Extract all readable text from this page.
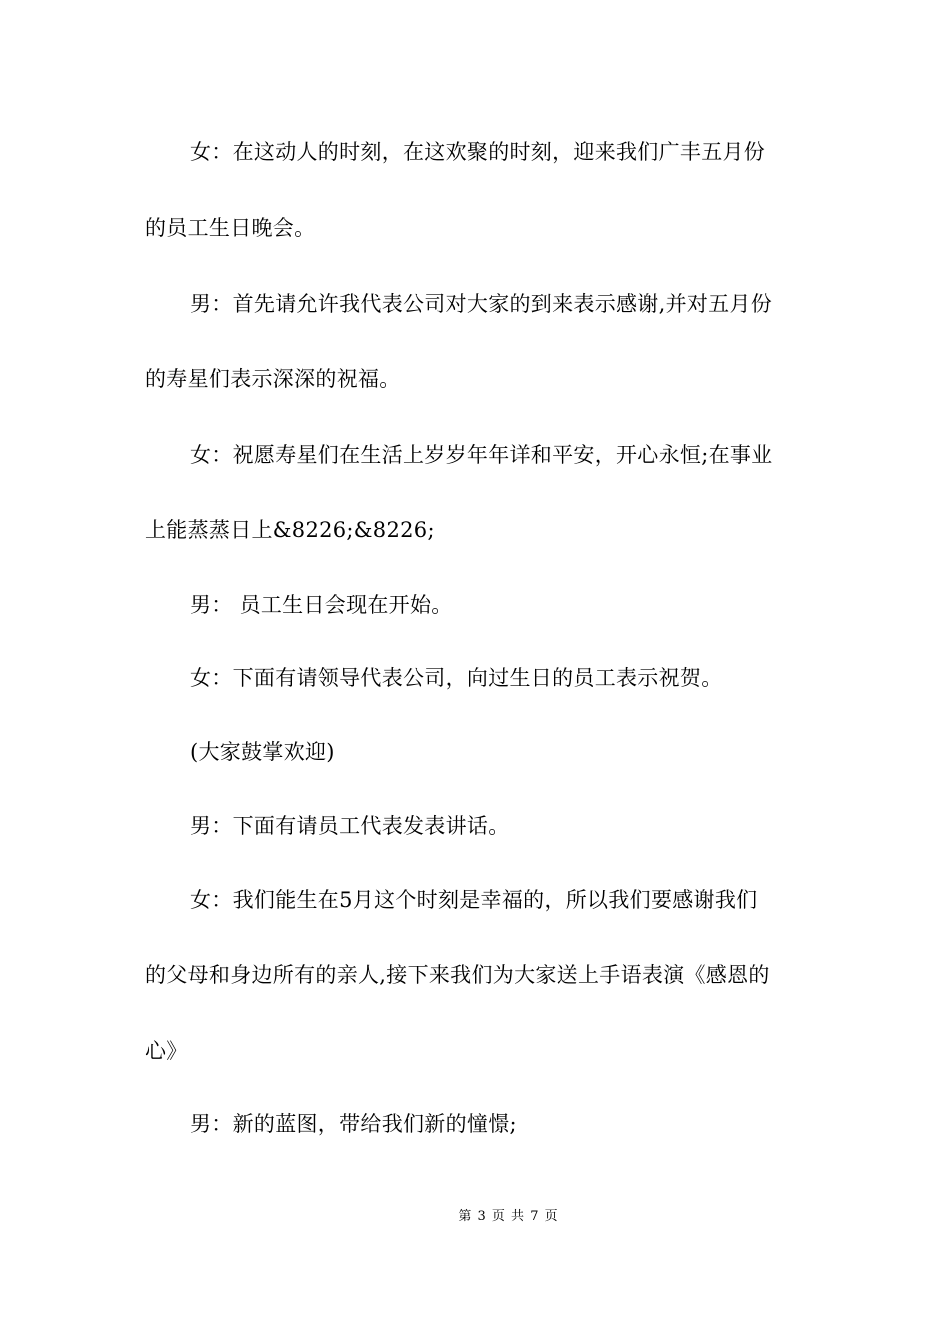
女：在这动人的时刻，在这欢聚的时刻，迎来我们广丰五月份
的员工生日晚会。
男：首先请允许我代表公司对大家的到来表示感谢,并对五月份
的寿星们表示深深的祝福。
女：祝愿寿星们在生活上岁岁年年详和平安，开心永恒;在事业
上能蒸蒸日上&8226;&8226;
男： 员工生日会现在开始。
女：下面有请领导代表公司，向过生日的员工表示祝贺。
(大家鼓掌欢迎)
男：下面有请员工代表发表讲话。
女：我们能生在5月这个时刻是幸福的，所以我们要感谢我们
的父母和身边所有的亲人,接下来我们为大家送上手语表演《感恩的
心》
男：新的蓝图，带给我们新的憧憬;
第 3 页 共 7 页
